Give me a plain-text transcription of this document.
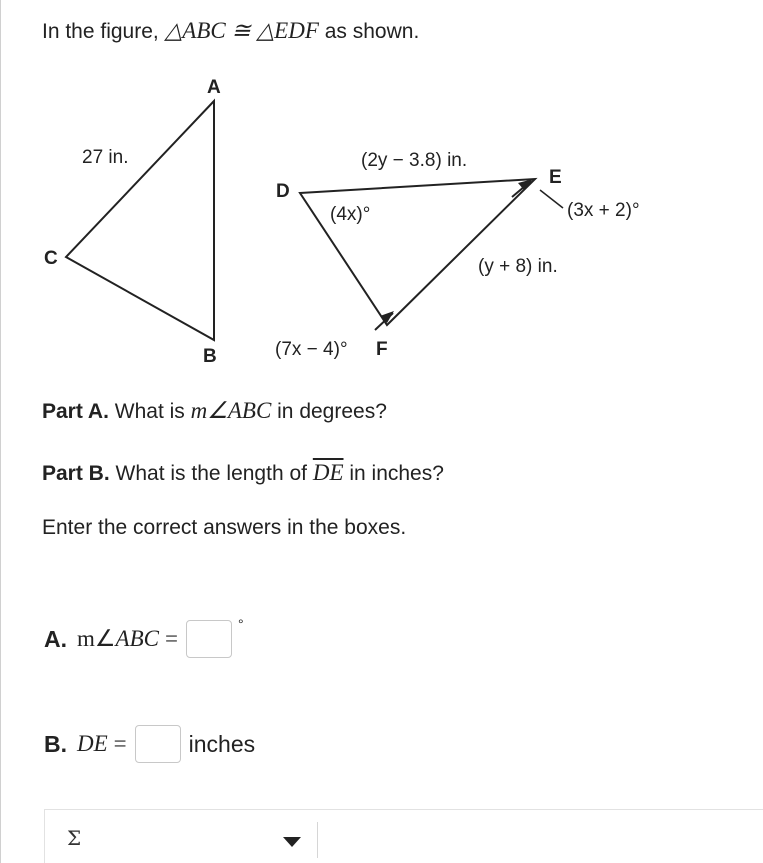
In the figure, △ABC ≅ △EDF as shown.
A
C
B
27 in.
D
E
F
(2y − 3.8) in.
(y + 8) in.
(4x)°	(3x + 2)°
(7x − 4)°
Part A. What is m∠ABC in degrees?
Part B. What is the length of $\overline{DE}$ in inches?
Enter the correct answers in the boxes.
A. m∠ ABC =
°
B. DE =	inches
Σ
